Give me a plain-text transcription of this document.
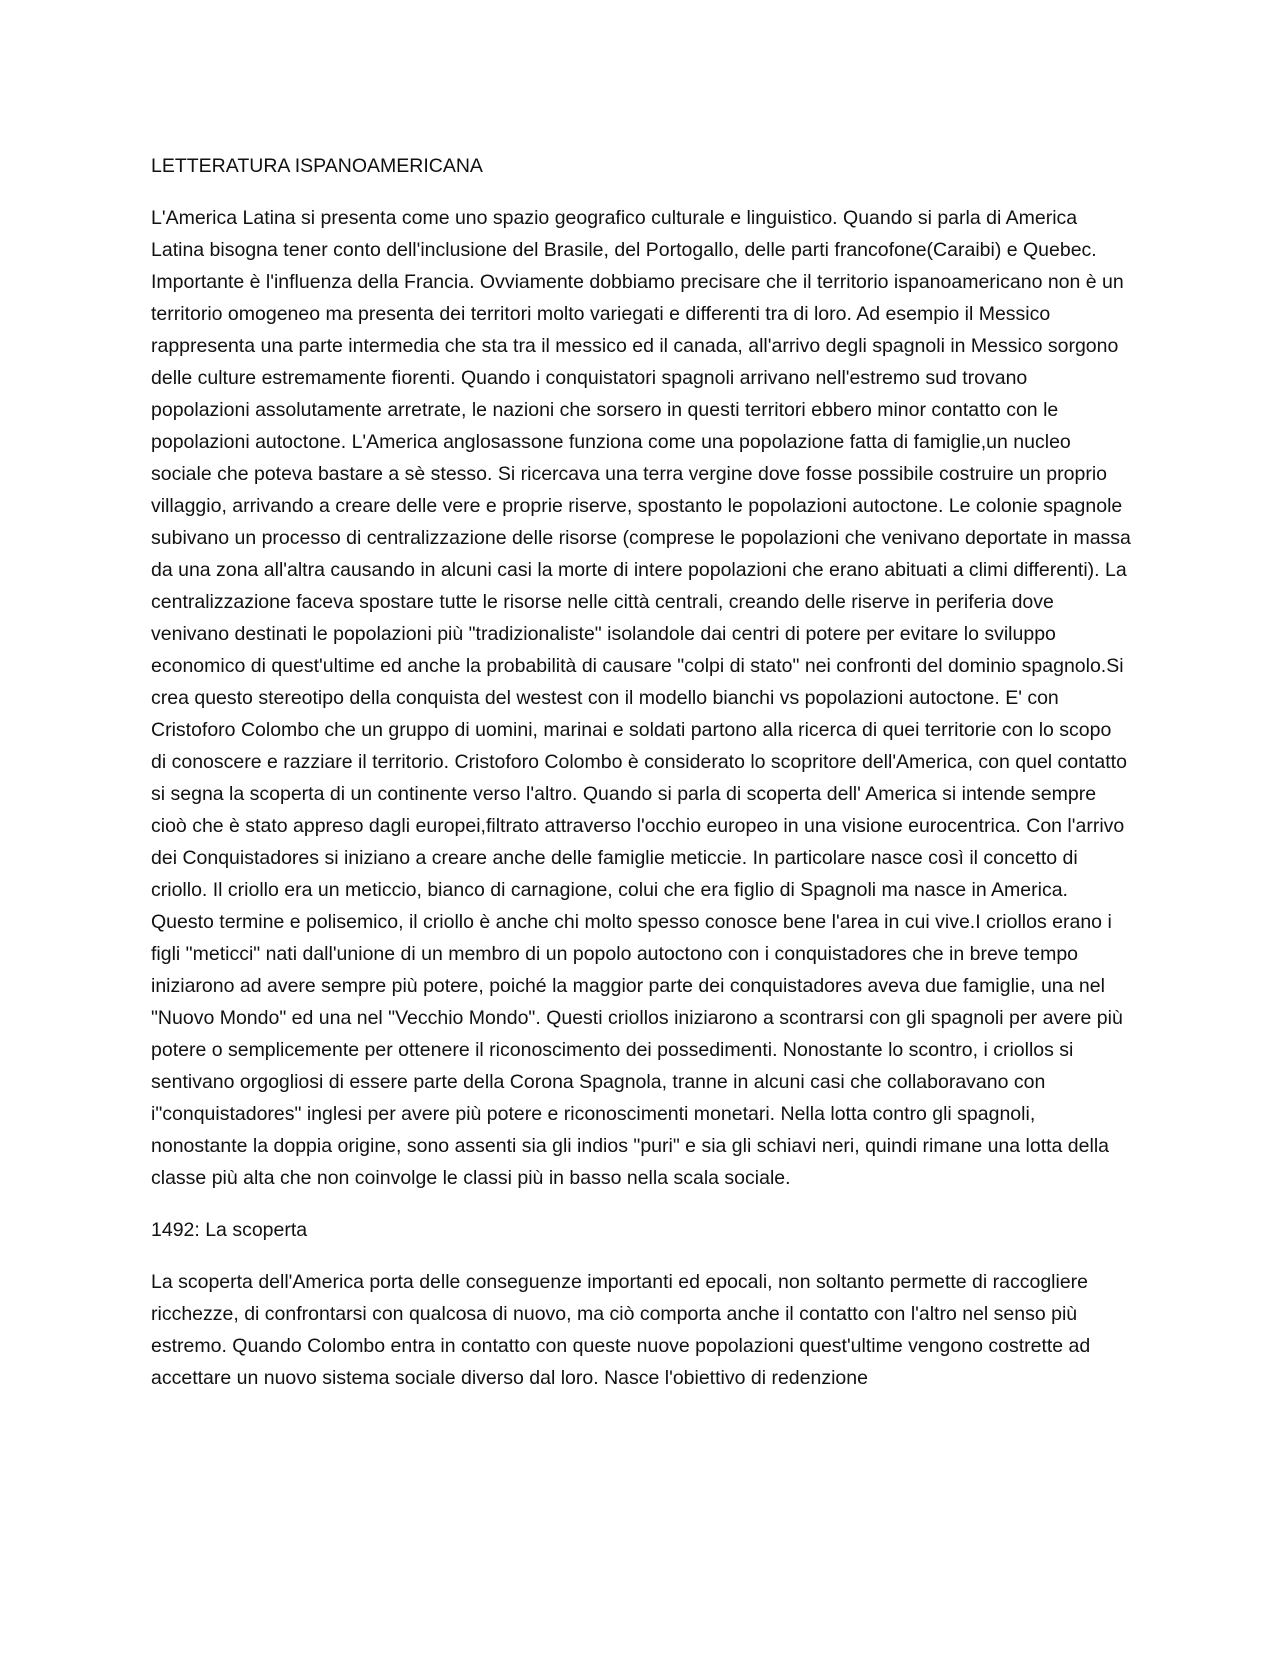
LETTERATURA ISPANOAMERICANA

L'America Latina si presenta come uno spazio geografico culturale e linguistico. Quando si parla di America Latina bisogna tener conto dell'inclusione del Brasile, del Portogallo, delle parti francofone(Caraibi) e Quebec. Importante è l'influenza della Francia. Ovviamente dobbiamo precisare che il territorio ispanoamericano non è un territorio omogeneo ma presenta dei territori molto variegati e differenti tra di loro. Ad esempio il Messico rappresenta una parte intermedia che sta tra il messico ed il canada, all'arrivo degli spagnoli in Messico sorgono delle culture estremamente fiorenti. Quando i conquistatori spagnoli arrivano nell'estremo sud trovano popolazioni assolutamente arretrate, le nazioni che sorsero in questi territori ebbero minor contatto con le popolazioni autoctone. L'America anglosassone funziona come una popolazione fatta di famiglie,un nucleo sociale che poteva bastare a sè stesso. Si ricercava una terra vergine dove fosse possibile costruire un proprio villaggio, arrivando a creare delle vere e proprie riserve, spostanto le popolazioni autoctone. Le colonie spagnole subivano un processo di centralizzazione delle risorse (comprese le popolazioni che venivano deportate in massa da una zona all'altra causando in alcuni casi la morte di intere popolazioni che erano abituati a climi differenti). La centralizzazione faceva spostare tutte le risorse nelle città centrali, creando delle riserve in periferia dove venivano destinati le popolazioni più "tradizionaliste" isolandole dai centri di potere per evitare lo sviluppo economico di quest'ultime ed anche la probabilità di causare "colpi di stato" nei confronti del dominio spagnolo.Si crea questo stereotipo della conquista del westest con il modello bianchi vs popolazioni autoctone. E' con Cristoforo Colombo che un gruppo di uomini, marinai e soldati partono alla ricerca di quei territorie con lo scopo di conoscere e razziare il territorio. Cristoforo Colombo è considerato lo scopritore dell'America, con quel contatto si segna la scoperta di un continente verso l'altro. Quando si parla di scoperta dell' America si intende sempre cioò che è stato appreso dagli europei,filtrato attraverso l'occhio europeo in una visione eurocentrica. Con l'arrivo dei Conquistadores si iniziano a creare anche delle famiglie meticcie. In particolare nasce così il concetto di criollo. Il criollo era un meticcio, bianco di carnagione, colui che era figlio di Spagnoli ma nasce in America. Questo termine e polisemico, il criollo è anche chi molto spesso conosce bene l'area in cui vive.I criollos erano i figli "meticci" nati dall'unione di un membro di un popolo autoctono con i conquistadores che in breve tempo iniziarono ad avere sempre più potere, poiché la maggior parte dei conquistadores aveva due famiglie, una nel "Nuovo Mondo" ed una nel "Vecchio Mondo". Questi criollos iniziarono a scontrarsi con gli spagnoli per avere più potere o semplicemente per ottenere il riconoscimento dei possedimenti. Nonostante lo scontro, i criollos si sentivano orgogliosi di essere parte della Corona Spagnola, tranne in alcuni casi che collaboravano con i"conquistadores" inglesi per avere più potere e riconoscimenti monetari. Nella lotta contro gli spagnoli, nonostante la doppia origine, sono assenti sia gli indios "puri" e sia gli schiavi neri, quindi rimane una lotta della classe più alta che non coinvolge le classi più in basso nella scala sociale.

1492: La scoperta

La scoperta dell'America porta delle conseguenze importanti ed epocali, non soltanto permette di raccogliere ricchezze, di confrontarsi con qualcosa di nuovo, ma ciò comporta anche il contatto con l'altro nel senso più estremo. Quando Colombo entra in contatto con queste nuove popolazioni quest'ultime vengono costrette ad accettare un nuovo sistema sociale diverso dal loro. Nasce l'obiettivo di redenzione
